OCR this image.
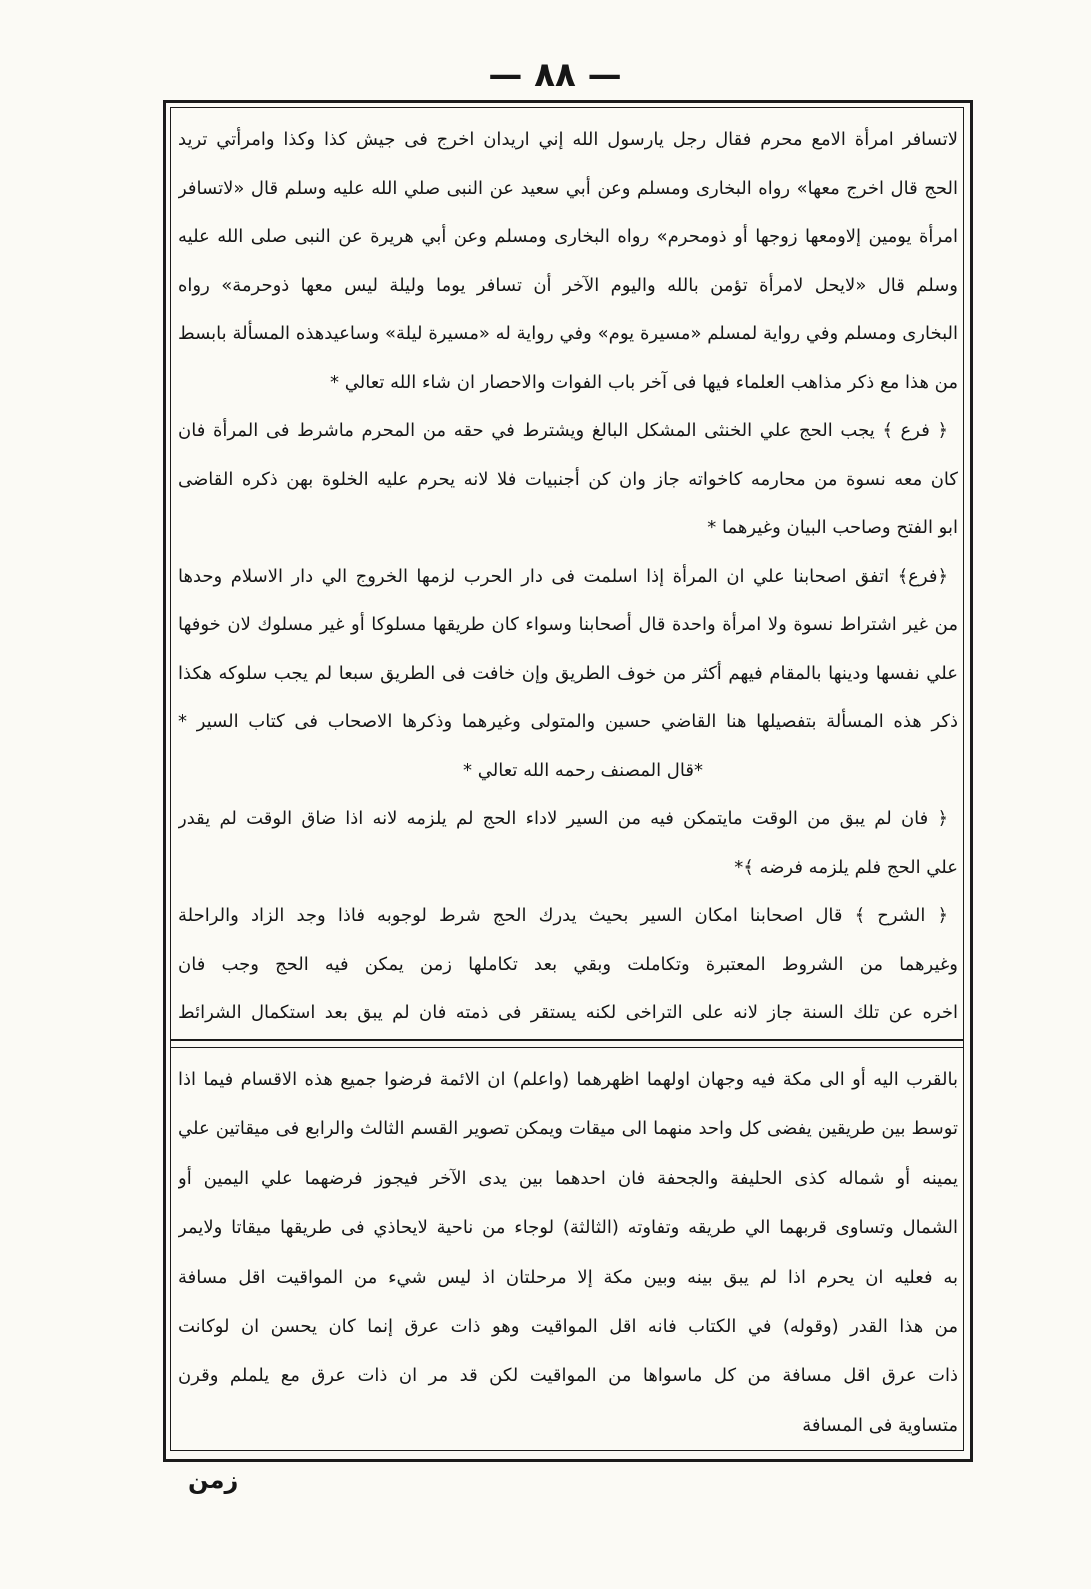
— ٨٨ —
لاتسافر امرأة الامع محرم فقال رجل يارسول الله إني اريدان اخرج فى جيش كذا وكذا وامرأتي تريد
الحج قال اخرج معها» رواه البخارى ومسلم وعن أبي سعيد عن النبى صلي الله عليه وسلم قال «لاتسافر
امرأة يومين إلاومعها زوجها أو ذومحرم» رواه البخارى ومسلم وعن أبي هريرة عن النبى صلى الله عليه
وسلم قال «لايحل لامرأة تؤمن بالله واليوم الآخر أن تسافر يوما وليلة ليس معها ذوحرمة» رواه
البخارى ومسلم وفي رواية لمسلم «مسيرة يوم» وفي رواية له «مسيرة ليلة» وساعيدهذه المسألة بابسط
من هذا مع ذكر مذاهب العلماء فيها فى آخر باب الفوات والاحصار ان شاء الله تعالي *
﴿ فرع ﴾ يجب الحج علي الخنثى المشكل البالغ ويشترط في حقه من المحرم ماشرط فى المرأة فان
كان معه نسوة من محارمه كاخواته جاز وان كن أجنبيات فلا لانه يحرم عليه الخلوة بهن ذكره القاضى
ابو الفتح وصاحب البيان وغيرهما *
﴿فرع﴾ اتفق اصحابنا علي ان المرأة إذا اسلمت فى دار الحرب لزمها الخروج الي دار الاسلام وحدها
من غير اشتراط نسوة ولا امرأة واحدة قال أصحابنا وسواء كان طريقها مسلوكا أو غير مسلوك لان خوفها
علي نفسها ودينها بالمقام فيهم أكثر من خوف الطريق وإن خافت فى الطريق سبعا لم يجب سلوكه هكذا
ذكر هذه المسألة بتفصيلها هنا القاضي حسين والمتولى وغيرهما وذكرها الاصحاب فى كتاب السير *
*قال المصنف رحمه الله تعالي *
﴿ فان لم يبق من الوقت مايتمكن فيه من السير لاداء الحج لم يلزمه لانه اذا ضاق الوقت لم يقدر
علي الحج فلم يلزمه فرضه ﴾*
﴿ الشرح ﴾ قال اصحابنا امكان السير بحيث يدرك الحج شرط لوجوبه فاذا وجد الزاد والراحلة
وغيرهما من الشروط المعتبرة وتكاملت وبقي بعد تكاملها زمن يمكن فيه الحج وجب فان
اخره عن تلك السنة جاز لانه على التراخى لكنه يستقر فى ذمته فان لم يبق بعد استكمال الشرائط
بالقرب اليه أو الى مكة فيه وجهان اولهما اظهرهما (واعلم) ان الائمة فرضوا جميع هذه الاقسام فيما اذا
توسط بين طريقين يفضى كل واحد منهما الى ميقات ويمكن تصوير القسم الثالث والرابع فى ميقاتين علي
يمينه أو شماله كذى الحليفة والجحفة فان احدهما بين يدى الآخر فيجوز فرضهما علي اليمين أو
الشمال وتساوى قربهما الي طريقه وتفاوته (الثالثة) لوجاء من ناحية لايحاذي فى طريقها ميقاتا ولايمر
به فعليه ان يحرم اذا لم يبق بينه وبين مكة إلا مرحلتان اذ ليس شيء من المواقيت اقل مسافة
من هذا القدر (وقوله) في الكتاب فانه اقل المواقيت وهو ذات عرق إنما كان يحسن ان لوكانت
ذات عرق اقل مسافة من كل ماسواها من المواقيت لكن قد مر ان ذات عرق مع يلملم وقرن
متساوية فى المسافة
زمن
